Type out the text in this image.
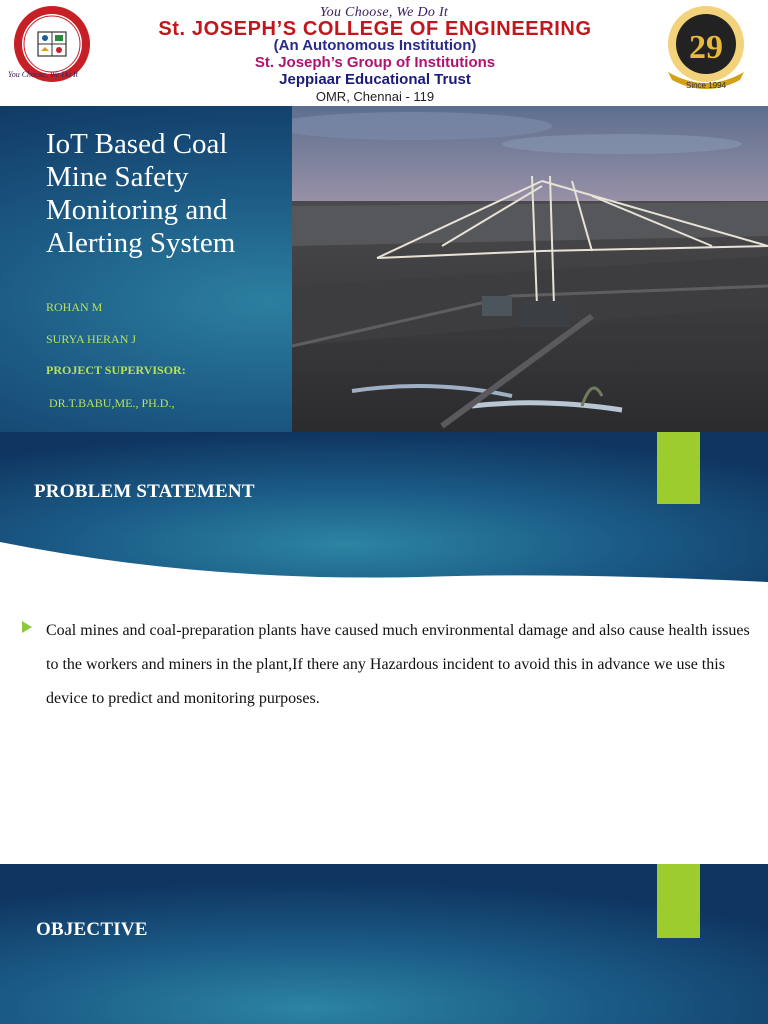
You Choose, We Do It
You Choose, We Do It
St. JOSEPH’S COLLEGE OF ENGINEERING
(An Autonomous Institution)
St. Joseph’s Group of Institutions
Jeppiaar Educational Trust
OMR, Chennai - 119
29
Since 1994
IoT Based Coal Mine Safety Monitoring and Alerting System
ROHAN M
SURYA HERAN J
PROJECT SUPERVISOR:
DR.T.BABU,ME., PH.D.,
PROBLEM STATEMENT
Coal mines and coal-preparation plants have caused much environmental damage and also cause health issues to the workers and miners in the plant,If there any Hazardous incident to avoid this in advance we use this device to predict and monitoring purposes.
OBJECTIVE
